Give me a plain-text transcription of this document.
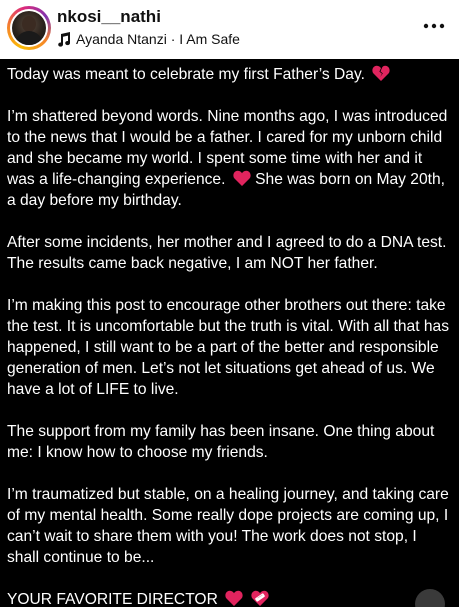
nkosi__nathi
Ayanda Ntanzi · I Am Safe

Today was meant to celebrate my first Father’s Day.

I’m shattered beyond words. Nine months ago, I was introduced to the news that I would be a father. I cared for my unborn child and she became my world. I spent some time with her and it was a life-changing experience. She was born on May 20th, a day before my birthday.

After some incidents, her mother and I agreed to do a DNA test. The results came back negative, I am NOT her father.

I’m making this post to encourage other brothers out there: take the test. It is uncomfortable but the truth is vital. With all that has happened, I still want to be a part of the better and responsible generation of men. Let’s not let situations get ahead of us. We have a lot of LIFE to live.

The support from my family has been insane. One thing about me: I know how to choose my friends.

I’m traumatized but stable, on a healing journey, and taking care of my mental health. Some really dope projects are coming up, I can’t wait to share them with you! The work does not stop, I shall continue to be...

YOUR FAVORITE DIRECTOR
